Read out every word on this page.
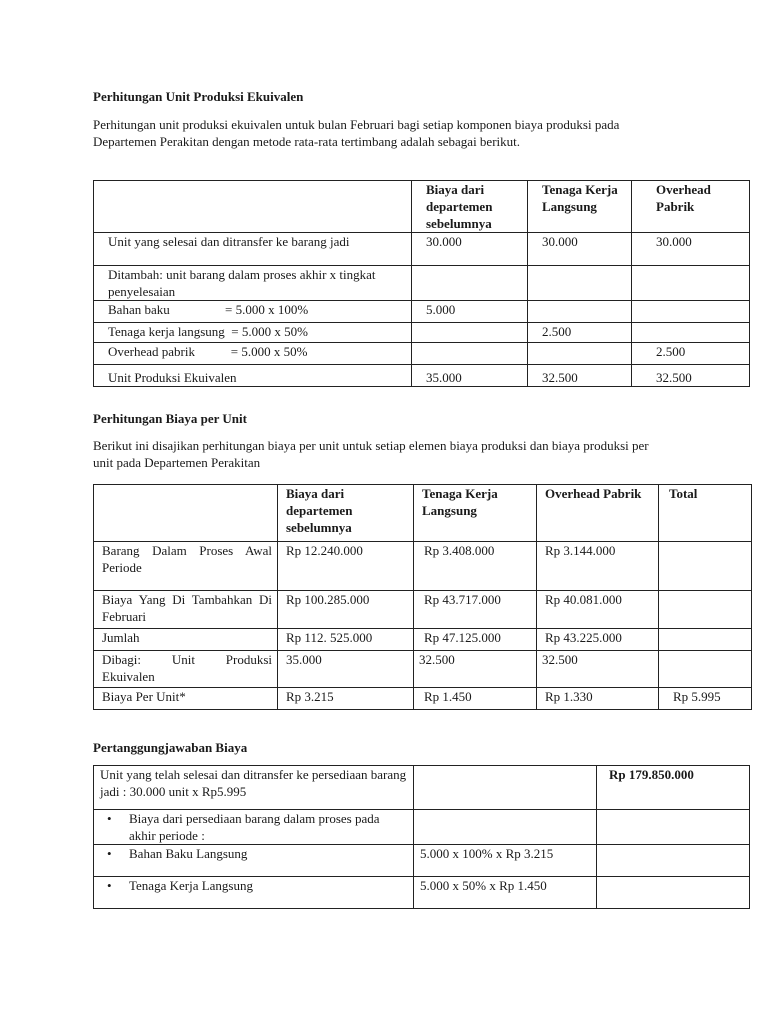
Perhitungan Unit Produksi Ekuivalen

Perhitungan unit produksi ekuivalen untuk bulan Februari bagi setiap komponen biaya produksi pada Departemen Perakitan dengan metode rata-rata tertimbang adalah sebagai berikut.

	Biaya dari departemen sebelumnya	Tenaga Kerja Langsung	Overhead Pabrik
Unit yang selesai dan ditransfer ke barang jadi	30.000	30.000	30.000
Ditambah: unit barang dalam proses akhir x tingkat penyelesaian			
Bahan baku                 = 5.000 x 100%	5.000		
Tenaga kerja langsung  = 5.000 x 50%		2.500	
Overhead pabrik           = 5.000 x 50%			2.500
Unit Produksi Ekuivalen	35.000	32.500	32.500
Perhitungan Biaya per Unit

Berikut ini disajikan perhitungan biaya per unit untuk setiap elemen biaya produksi dan biaya produksi per unit pada Departemen Perakitan

	Biaya dari departemen sebelumnya	Tenaga Kerja Langsung	Overhead Pabrik	Total
Barang Dalam Proses Awal Periode	Rp 12.240.000	Rp 3.408.000	Rp 3.144.000	
Biaya Yang Di Tambahkan Di Februari	Rp 100.285.000	Rp 43.717.000	Rp 40.081.000	
Jumlah	Rp 112. 525.000	Rp 47.125.000	Rp 43.225.000	
Dibagi: Unit Produksi Ekuivalen	35.000	32.500	32.500	
Biaya Per Unit*	Rp 3.215	Rp 1.450	Rp 1.330	Rp 5.995
Pertanggungjawaban Biaya
Unit yang telah selesai dan ditransfer ke persediaan barang jadi : 30.000 unit x Rp5.995		Rp 179.850.000

• Biaya dari persediaan barang dalam proses pada akhir periode :		

• Bahan Baku Langsung	5.000 x 100% x Rp 3.215	

• Tenaga Kerja Langsung	5.000 x 50% x Rp 1.450	
